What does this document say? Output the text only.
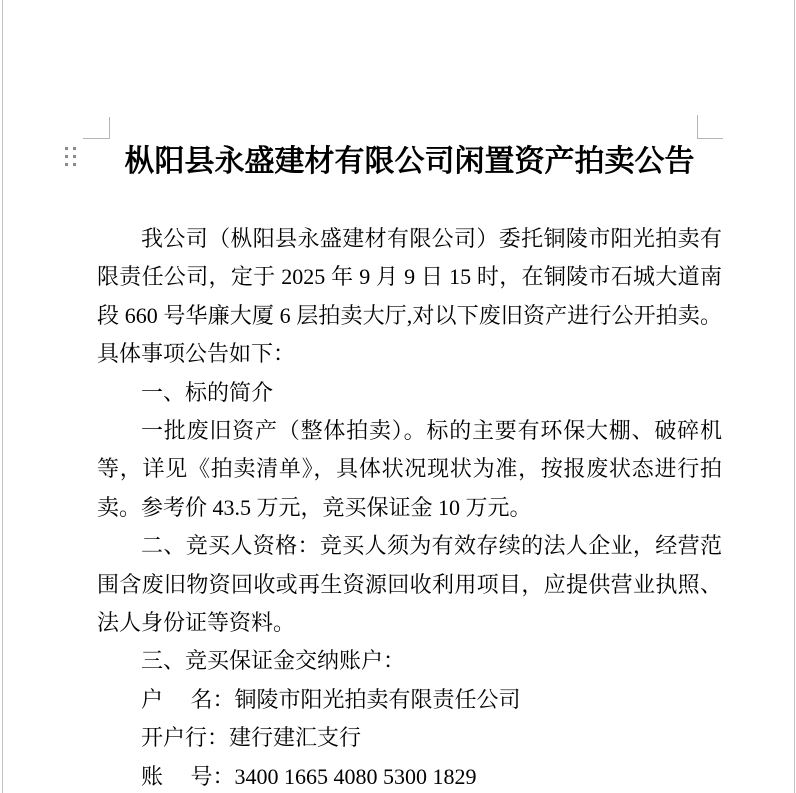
枞阳县永盛建材有限公司闲置资产拍卖公告
我公司（枞阳县永盛建材有限公司）委托铜陵市阳光拍卖有
限责任公司，定于 2025 年 9 月 9 日 15 时，在铜陵市石城大道南
段 660 号华廉大厦 6 层拍卖大厅,对以下废旧资产进行公开拍卖。
具体事项公告如下：
一、标的简介
一批废旧资产（整体拍卖）。标的主要有环保大棚、破碎机
等，详见《拍卖清单》，具体状况现状为准，按报废状态进行拍
卖。参考价 43.5 万元，竞买保证金 10 万元。
二、竞买人资格：竞买人须为有效存续的法人企业，经营范
围含废旧物资回收或再生资源回收利用项目，应提供营业执照、
法人身份证等资料。
三、竞买保证金交纳账户：
户　 名：铜陵市阳光拍卖有限责任公司
开户行：建行建汇支行
账　 号：3400 1665 4080 5300 1829
